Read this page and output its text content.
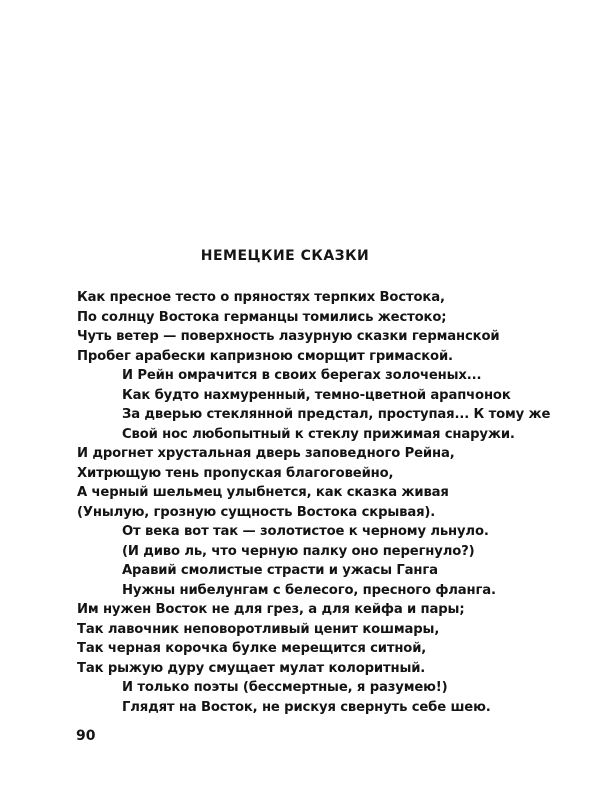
НЕМЕЦКИЕ СКАЗКИ
Как пресное тесто о пряностях терпких Востока,
По солнцу Востока германцы томились жестоко;
Чуть ветер — поверхность лазурную сказки германской
Пробег арабески капризною сморщит гримаской.
И Рейн омрачится в своих берегах золоченых...
Как будто нахмуренный, темно-цветной арапчонок
За дверью стеклянной предстал, проступая... К тому же
Свой нос любопытный к стеклу прижимая снаружи.
И дрогнет хрустальная дверь заповедного Рейна,
Хитрющую тень пропуская благоговейно,
А черный шельмец улыбнется, как сказка живая
(Унылую, грозную сущность Востока скрывая).
От века вот так — золотистое к черному льнуло.
(И диво ль, что черную палку оно перегнуло?)
Аравий смолистые страсти и ужасы Ганга
Нужны нибелунгам с белесого, пресного фланга.
Им нужен Восток не для грез, а для кейфа и пары;
Так лавочник неповоротливый ценит кошмары,
Так черная корочка булке мерещится ситной,
Так рыжую дуру смущает мулат колоритный.
И только поэты (бессмертные, я разумею!)
Глядят на Восток, не рискуя свернуть себе шею.
90
